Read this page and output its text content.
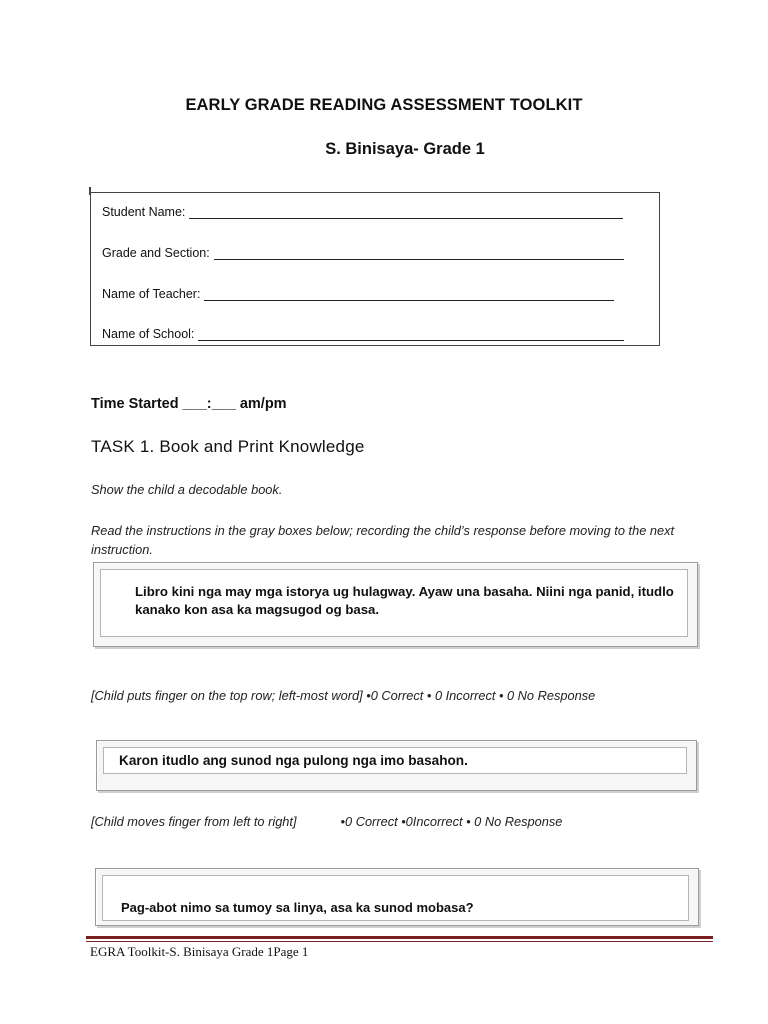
EARLY GRADE READING ASSESSMENT TOOLKIT
S. Binisaya- Grade 1
Student Name:
Grade and Section:
Name of Teacher:
Name of School:
Time Started ___:___ am/pm
TASK 1. Book and Print Knowledge
Show the child a decodable book.
Read the instructions in the gray boxes below; recording the child’s response before moving to the next instruction.
Libro kini nga may mga istorya ug hulagway. Ayaw una basaha. Niini nga panid, itudlo kanako kon asa ka magsugod og basa.
[Child puts finger on the top row; left-most word] •0 Correct • 0 Incorrect • 0 No Response
Karon itudlo ang sunod nga pulong nga imo basahon.
[Child moves finger from left to right]	•0 Correct •0Incorrect • 0 No Response
Pag-abot nimo sa tumoy sa linya, asa ka sunod mobasa?
EGRA Toolkit-S. Binisaya Grade 1Page 1
